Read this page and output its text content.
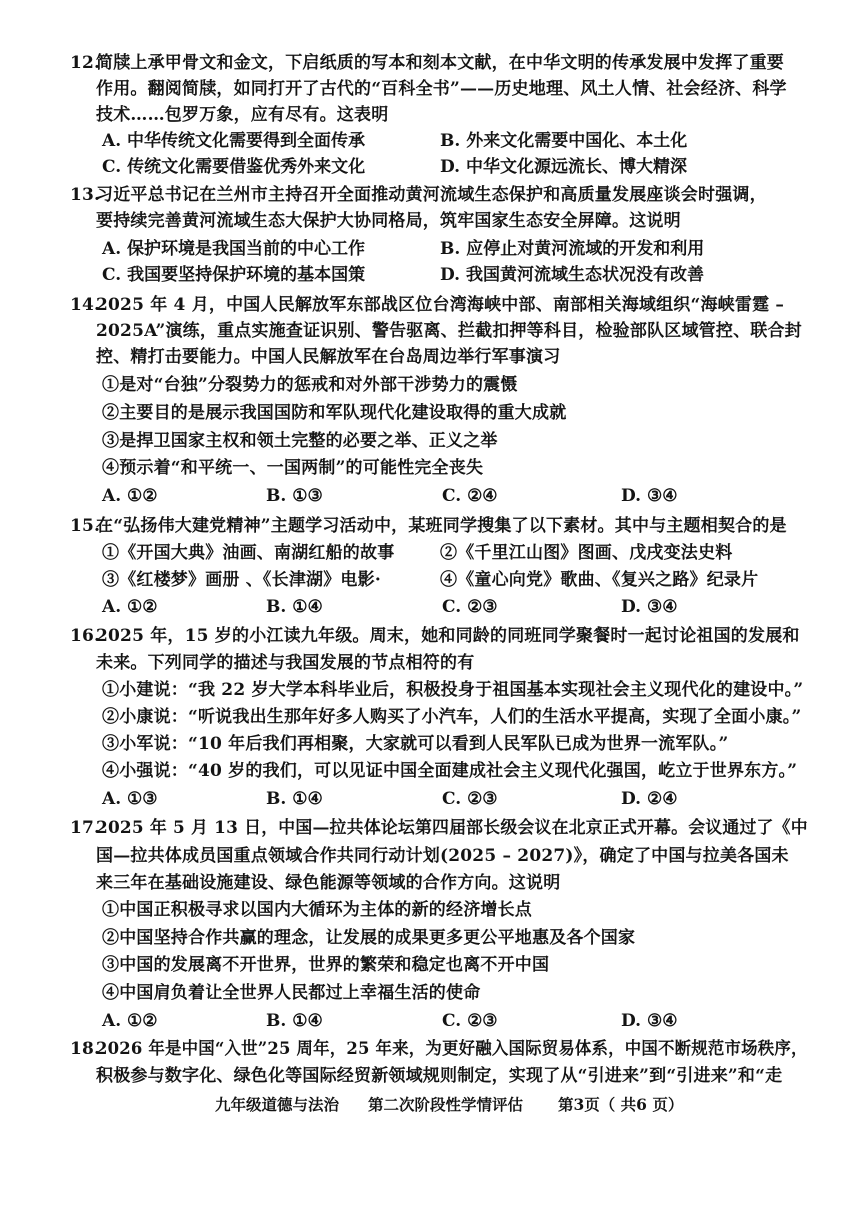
12.
简牍上承甲骨文和金文，下启纸质的写本和刻本文献，在中华文明的传承发展中发挥了重要
作用。翻阅简牍，如同打开了古代的“百科全书”——历史地理、风土人情、社会经济、科学
技术……包罗万象，应有尽有。这表明
A. 中华传统文化需要得到全面传承	B. 外来文化需要中国化、本土化
C. 传统文化需要借鉴优秀外来文化	D. 中华文化源远流长、博大精深
13.
习近平总书记在兰州市主持召开全面推动黄河流域生态保护和高质量发展座谈会时强调，
要持续完善黄河流域生态大保护大协同格局，筑牢国家生态安全屏障。这说明
A. 保护环境是我国当前的中心工作	B. 应停止对黄河流域的开发和利用
C. 我国要坚持保护环境的基本国策	D. 我国黄河流域生态状况没有改善
14.
2025 年 4 月，中国人民解放军东部战区位台湾海峡中部、南部相关海域组织“海峡雷霆 –
2025A”演练，重点实施查证识别、警告驱离、拦截扣押等科目，检验部队区域管控、联合封
控、精打击要能力。中国人民解放军在台岛周边举行军事演习
①是对“台独”分裂势力的惩戒和对外部干涉势力的震慑
②主要目的是展示我国国防和军队现代化建设取得的重大成就
③是捍卫国家主权和领土完整的必要之举、正义之举
④预示着“和平统一、一国两制”的可能性完全丧失
A. ①②	B. ①③	C. ②④	D. ③④
15.
在“弘扬伟大建党精神”主题学习活动中，某班同学搜集了以下素材。其中与主题相契合的是
①《开国大典》油画、南湖红船的故事	②《千里江山图》图画、戊戌变法史料
③《红楼梦》画册 、《长津湖》电影·	④《童心向党》歌曲、《复兴之路》纪录片
A. ①②	B. ①④	C. ②③	D. ③④
16.
2025 年，15 岁的小江读九年级。周末，她和同龄的同班同学聚餐时一起讨论祖国的发展和
未来。下列同学的描述与我国发展的节点相符的有
①小建说：“我 22 岁大学本科毕业后，积极投身于祖国基本实现社会主义现代化的建设中。”
②小康说：“听说我出生那年好多人购买了小汽车，人们的生活水平提高，实现了全面小康。”
③小军说：“10 年后我们再相聚，大家就可以看到人民军队已成为世界一流军队。”
④小强说：“40 岁的我们，可以见证中国全面建成社会主义现代化强国，屹立于世界东方。”
A. ①③	B. ①④	C. ②③	D. ②④
17.
2025 年 5 月 13 日，中国—拉共体论坛第四届部长级会议在北京正式开幕。会议通过了《中
国—拉共体成员国重点领域合作共同行动计划(2025 – 2027)》，确定了中国与拉美各国未
来三年在基础设施建设、绿色能源等领域的合作方向。这说明
①中国正积极寻求以国内大循环为主体的新的经济增长点
②中国坚持合作共赢的理念，让发展的成果更多更公平地惠及各个国家
③中国的发展离不开世界，世界的繁荣和稳定也离不开中国
④中国肩负着让全世界人民都过上幸福生活的使命
A. ①②	B. ①④	C. ②③	D. ③④
18.
2026 年是中国“入世”25 周年，25 年来，为更好融入国际贸易体系，中国不断规范市场秩序，
积极参与数字化、绿色化等国际经贸新领域规则制定，实现了从“引进来”到“引进来”和“走
九年级道德与法治 第二次阶段性学情评估 第3页（ 共6 页）
